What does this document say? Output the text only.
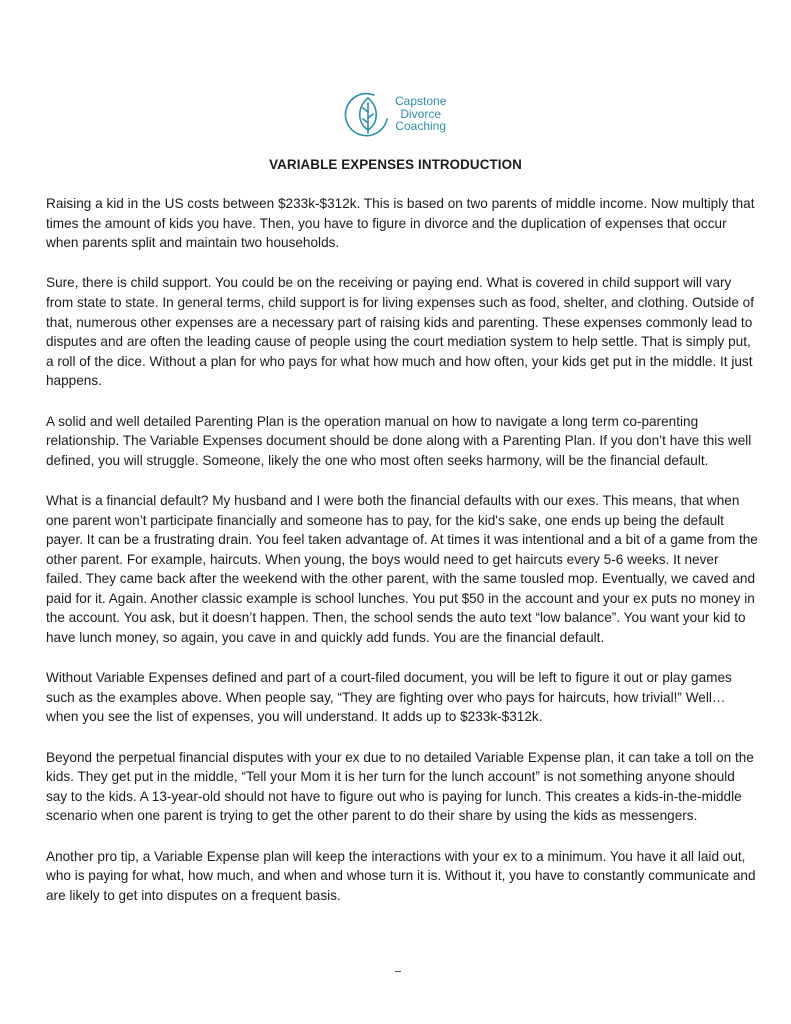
Capstone
Divorce
Coaching
VARIABLE EXPENSES INTRODUCTION

Raising a kid in the US costs between $233k-$312k. This is based on two parents of middle income. Now multiply that times the amount of kids you have. Then, you have to figure in divorce and the duplication of expenses that occur when parents split and maintain two households.

Sure, there is child support. You could be on the receiving or paying end. What is covered in child support will vary from state to state. In general terms, child support is for living expenses such as food, shelter, and clothing. Outside of that, numerous other expenses are a necessary part of raising kids and parenting. These expenses commonly lead to disputes and are often the leading cause of people using the court mediation system to help settle. That is simply put, a roll of the dice. Without a plan for who pays for what how much and how often, your kids get put in the middle. It just happens.

A solid and well detailed Parenting Plan is the operation manual on how to navigate a long term co-parenting relationship. The Variable Expenses document should be done along with a Parenting Plan. If you don’t have this well defined, you will struggle. Someone, likely the one who most often seeks harmony, will be the financial default.

What is a financial default? My husband and I were both the financial defaults with our exes. This means, that when one parent won’t participate financially and someone has to pay, for the kid's sake, one ends up being the default payer. It can be a frustrating drain. You feel taken advantage of. At times it was intentional and a bit of a game from the other parent. For example, haircuts. When young, the boys would need to get haircuts every 5-6 weeks. It never failed. They came back after the weekend with the other parent, with the same tousled mop. Eventually, we caved and paid for it. Again. Another classic example is school lunches. You put $50 in the account and your ex puts no money in the account. You ask, but it doesn’t happen. Then, the school sends the auto text “low balance”. You want your kid to have lunch money, so again, you cave in and quickly add funds. You are the financial default.

Without Variable Expenses defined and part of a court-filed document, you will be left to figure it out or play games such as the examples above. When people say, “They are fighting over who pays for haircuts, how trivial!” Well… when you see the list of expenses, you will understand. It adds up to $233k-$312k.

Beyond the perpetual financial disputes with your ex due to no detailed Variable Expense plan, it can take a toll on the kids. They get put in the middle, “Tell your Mom it is her turn for the lunch account” is not something anyone should say to the kids. A 13-year-old should not have to figure out who is paying for lunch. This creates a kids-in-the-middle scenario when one parent is trying to get the other parent to do their share by using the kids as messengers.

Another pro tip, a Variable Expense plan will keep the interactions with your ex to a minimum. You have it all laid out, who is paying for what, how much, and when and whose turn it is. Without it, you have to constantly communicate and are likely to get into disputes on a frequent basis.
